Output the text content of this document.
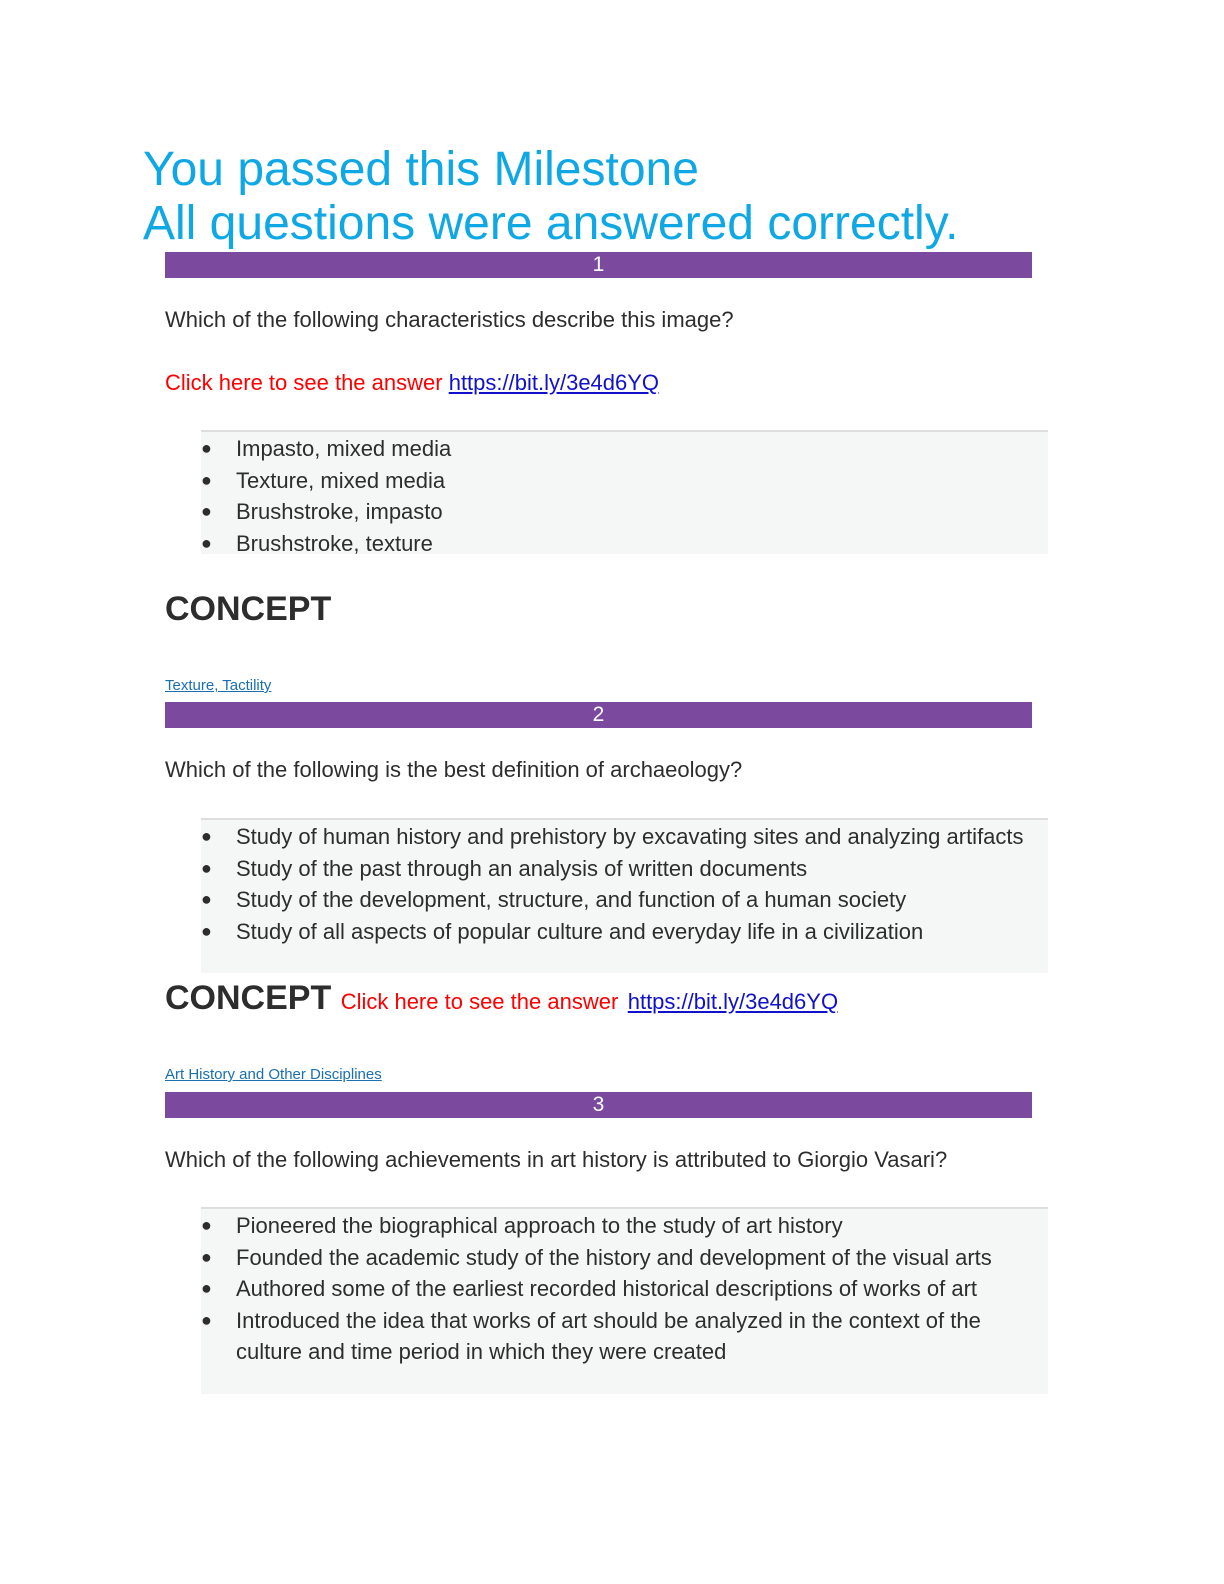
You passed this Milestone
All questions were answered correctly.
1
Which of the following characteristics describe this image?
Click here to see the answer https://bit.ly/3e4d6YQ
● Impasto, mixed media
● Texture, mixed media
● Brushstroke, impasto
● Brushstroke, texture
CONCEPT
Texture, Tactility
2
Which of the following is the best definition of archaeology?
● Study of human history and prehistory by excavating sites and analyzing artifacts
● Study of the past through an analysis of written documents
● Study of the development, structure, and function of a human society
● Study of all aspects of popular culture and everyday life in a civilization
CONCEPT Click here to see the answer https://bit.ly/3e4d6YQ
Art History and Other Disciplines
3
Which of the following achievements in art history is attributed to Giorgio Vasari?
● Pioneered the biographical approach to the study of art history
● Founded the academic study of the history and development of the visual arts
● Authored some of the earliest recorded historical descriptions of works of art
● Introduced the idea that works of art should be analyzed in the context of the culture and time period in which they were created
